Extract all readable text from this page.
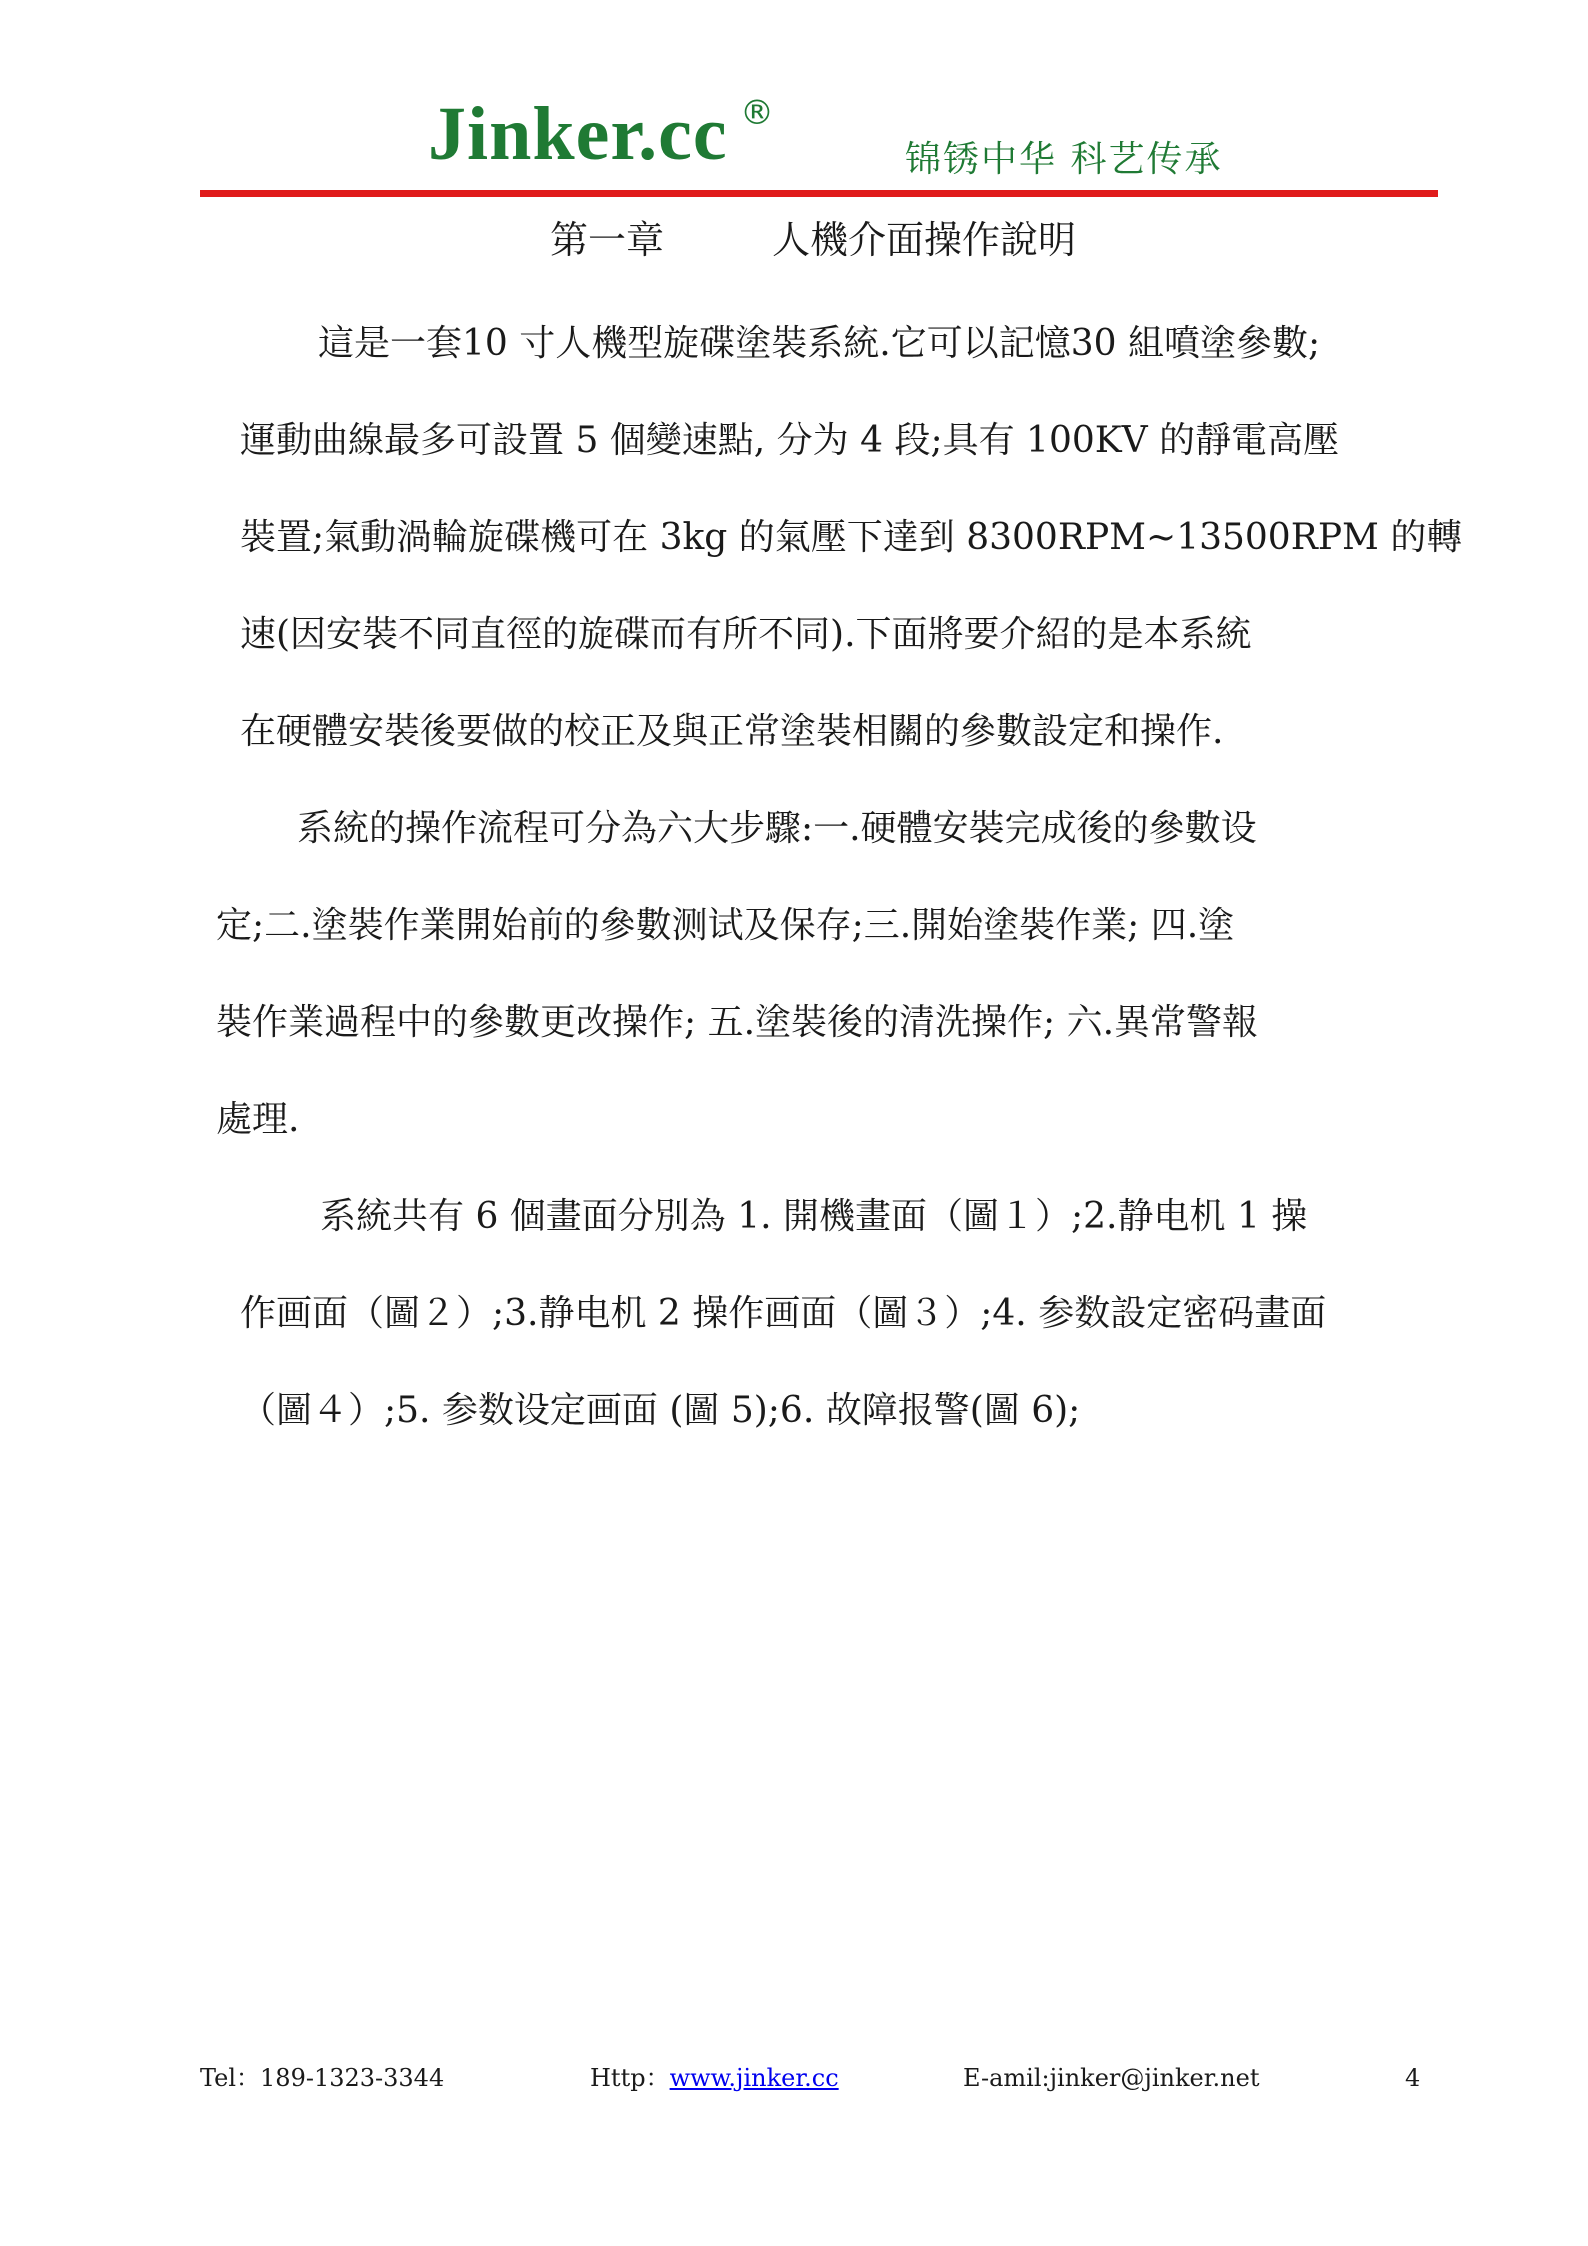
Jinker.cc ®
锦锈中华 科艺传承
第一章	人機介面操作說明
這是一套10 寸人機型旋碟塗裝系統.它可以記憶30 組噴塗參數;
運動曲線最多可設置 5 個變速點, 分为 4 段;具有 100KV 的靜電高壓
裝置;氣動渦輪旋碟機可在 3kg 的氣壓下達到 8300RPM~13500RPM 的轉
速(因安裝不同直徑的旋碟而有所不同).下面將要介紹的是本系統
在硬體安裝後要做的校正及與正常塗裝相關的參數設定和操作.
系統的操作流程可分為六大步驟:一.硬體安裝完成後的參數设
定;二.塗裝作業開始前的參數测试及保存;三.開始塗裝作業; 四.塗
裝作業過程中的參數更改操作; 五.塗裝後的清洗操作; 六.異常警報
處理.
系統共有 6 個畫面分別為 1. 開機畫面（圖１）;2.静电机 1 操
作画面（圖２）;3.静电机 2 操作画面（圖３）;4. 参数設定密码畫面
（圖４）;5. 参数设定画面 (圖 5);6. 故障报警(圖 6);
Tel：189-1323-3344	Http：www.jinker.cc	E-amil:jinker@jinker.net	4
